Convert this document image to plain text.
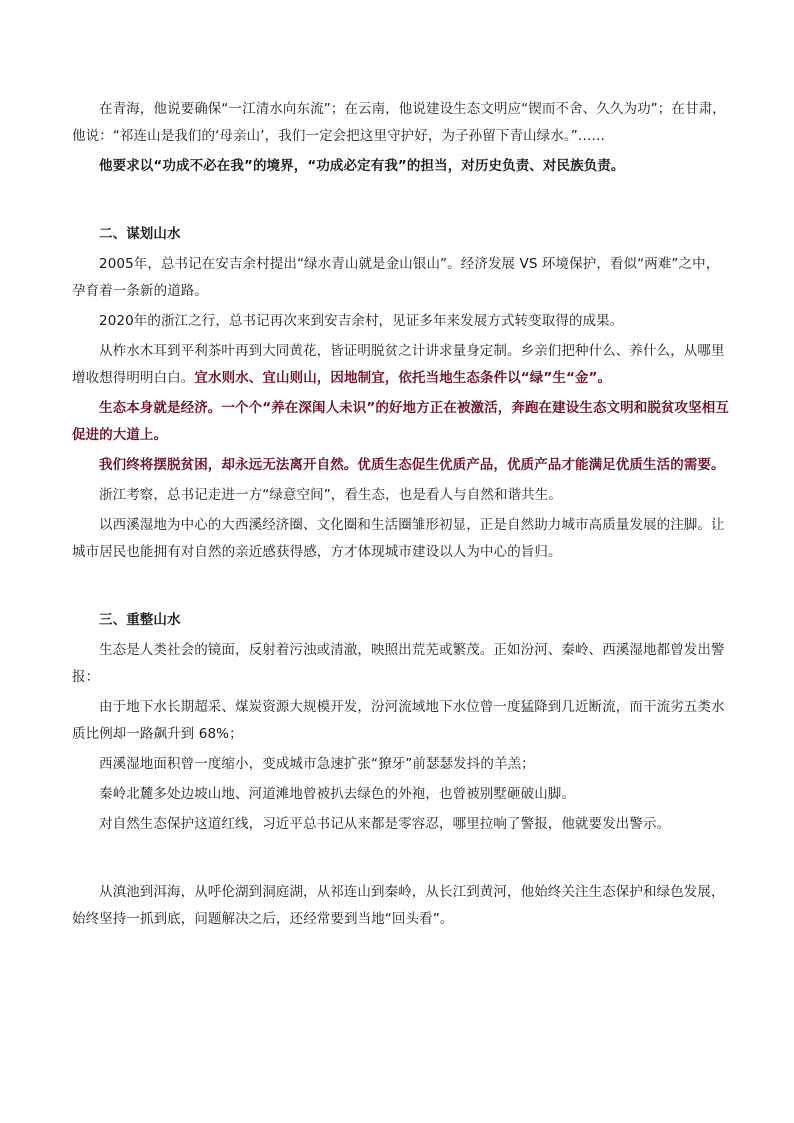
在青海，他说要确保“一江清水向东流”；在云南，他说建设生态文明应“锲而不舍、久久为功”；在甘肃，他说：“祁连山是我们的‘母亲山’，我们一定会把这里守护好，为子孙留下青山绿水。”……

他要求以“功成不必在我”的境界，“功成必定有我”的担当，对历史负责、对民族负责。

二、谋划山水

2005年，总书记在安吉余村提出“绿水青山就是金山银山”。经济发展 VS 环境保护，看似“两难”之中，孕育着一条新的道路。

2020年的浙江之行，总书记再次来到安吉余村，见证多年来发展方式转变取得的成果。

从柞水木耳到平利茶叶再到大同黄花，皆证明脱贫之计讲求量身定制。乡亲们把种什么、养什么，从哪里增收想得明明白白。宜水则水、宜山则山，因地制宜，依托当地生态条件以“绿”生“金”。

生态本身就是经济。一个个“养在深闺人未识”的好地方正在被激活，奔跑在建设生态文明和脱贫攻坚相互促进的大道上。

我们终将摆脱贫困，却永远无法离开自然。优质生态促生优质产品，优质产品才能满足优质生活的需要。

浙江考察，总书记走进一方“绿意空间”，看生态，也是看人与自然和谐共生。

以西溪湿地为中心的大西溪经济圈、文化圈和生活圈雏形初显，正是自然助力城市高质量发展的注脚。让城市居民也能拥有对自然的亲近感获得感，方才体现城市建设以人为中心的旨归。

三、重整山水

生态是人类社会的镜面，反射着污浊或清澈，映照出荒芜或繁茂。正如汾河、秦岭、西溪湿地都曾发出警报：

由于地下水长期超采、煤炭资源大规模开发，汾河流域地下水位曾一度猛降到几近断流，而干流劣五类水质比例却一路飙升到 68%；

西溪湿地面积曾一度缩小，变成城市急速扩张“獠牙”前瑟瑟发抖的羊羔；

秦岭北麓多处边坡山地、河道滩地曾被扒去绿色的外袍，也曾被别墅砸破山脚。

对自然生态保护这道红线，习近平总书记从来都是零容忍，哪里拉响了警报，他就要发出警示。

从滇池到洱海，从呼伦湖到洞庭湖，从祁连山到秦岭，从长江到黄河，他始终关注生态保护和绿色发展，始终坚持一抓到底，问题解决之后，还经常要到当地“回头看”。
